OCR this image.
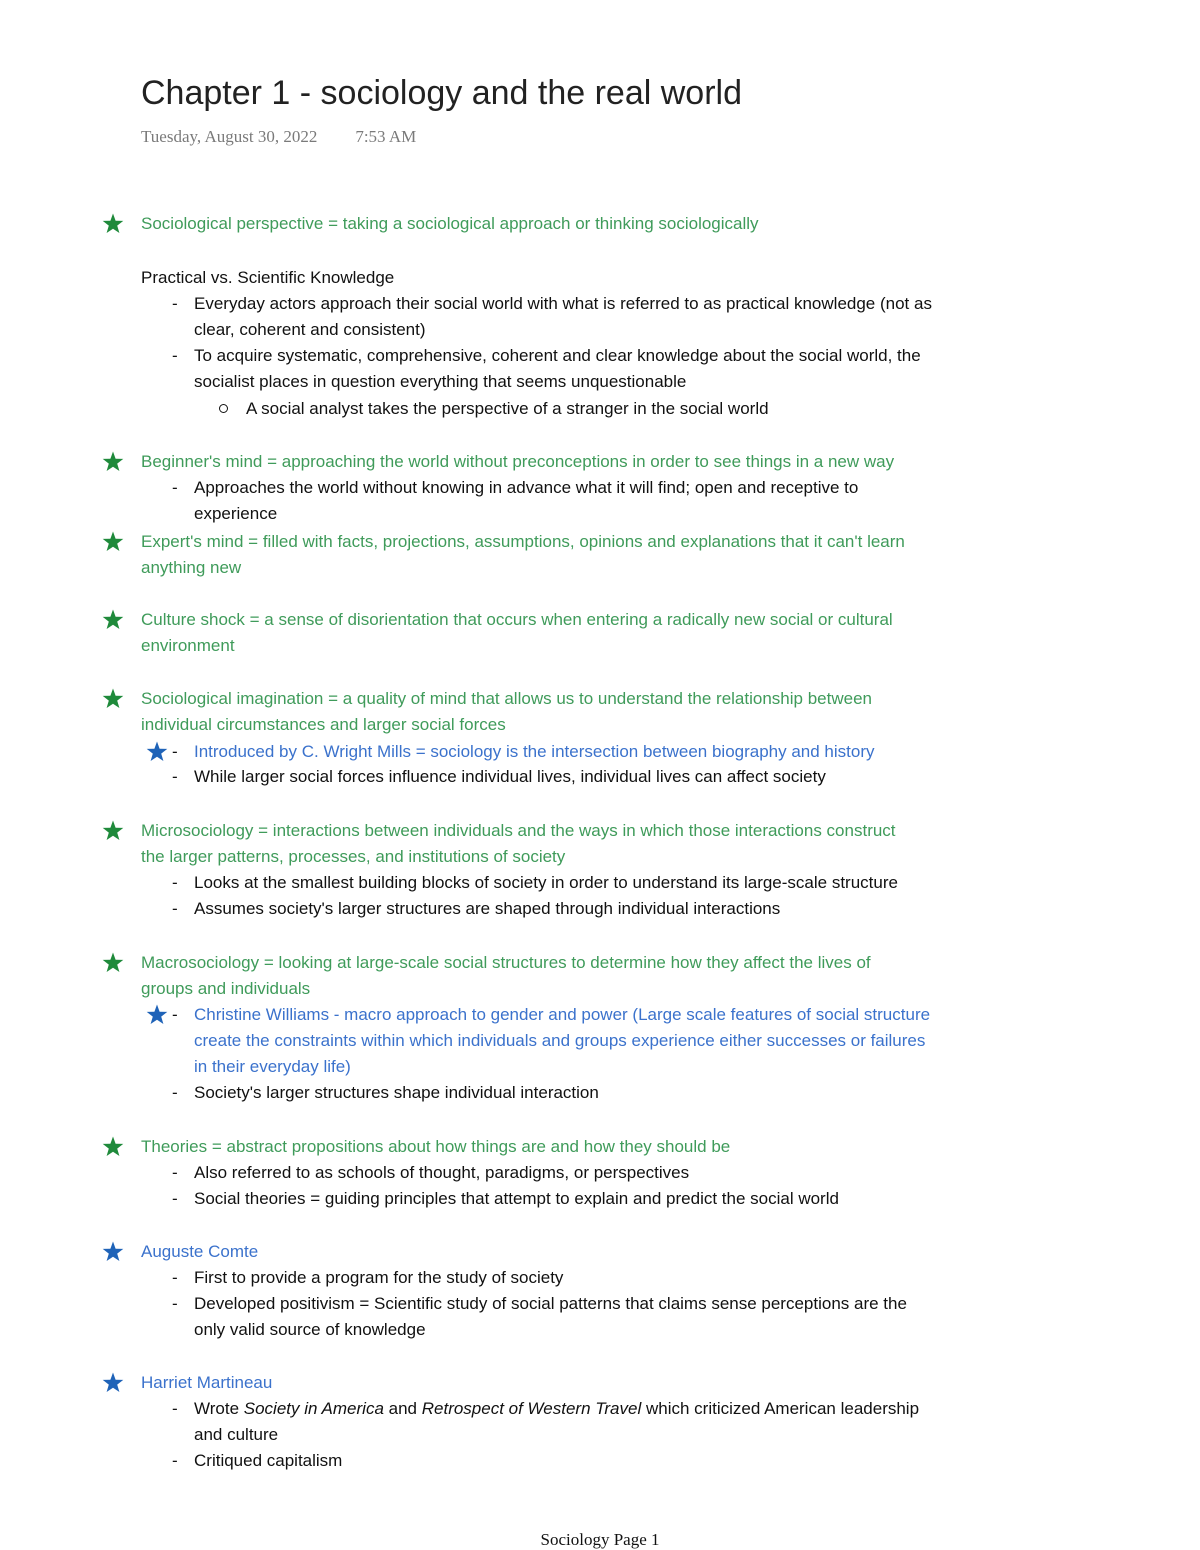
Chapter 1 - sociology and the real world
Tuesday, August 30, 2022 7:53 AM
Sociological perspective = taking a sociological approach or thinking sociologically
Practical vs. Scientific Knowledge
- Everyday actors approach their social world with what is referred to as practical knowledge (not as
clear, coherent and consistent)
- To acquire systematic, comprehensive, coherent and clear knowledge about the social world, the
socialist places in question everything that seems unquestionable
A social analyst takes the perspective of a stranger in the social world
Beginner's mind = approaching the world without preconceptions in order to see things in a new way
- Approaches the world without knowing in advance what it will find; open and receptive to
experience
Expert's mind = filled with facts, projections, assumptions, opinions and explanations that it can't learn
anything new
Culture shock = a sense of disorientation that occurs when entering a radically new social or cultural
environment
Sociological imagination = a quality of mind that allows us to understand the relationship between
individual circumstances and larger social forces
- Introduced by C. Wright Mills = sociology is the intersection between biography and history
- While larger social forces influence individual lives, individual lives can affect society
Microsociology = interactions between individuals and the ways in which those interactions construct
the larger patterns, processes, and institutions of society
- Looks at the smallest building blocks of society in order to understand its large-scale structure
- Assumes society's larger structures are shaped through individual interactions
Macrosociology = looking at large-scale social structures to determine how they affect the lives of
groups and individuals
- Christine Williams - macro approach to gender and power (Large scale features of social structure
create the constraints within which individuals and groups experience either successes or failures
in their everyday life)
- Society's larger structures shape individual interaction
Theories = abstract propositions about how things are and how they should be
- Also referred to as schools of thought, paradigms, or perspectives
- Social theories = guiding principles that attempt to explain and predict the social world
Auguste Comte
- First to provide a program for the study of society
- Developed positivism = Scientific study of social patterns that claims sense perceptions are the
only valid source of knowledge
Harriet Martineau
- Wrote Society in America and Retrospect of Western Travel which criticized American leadership
and culture
- Critiqued capitalism
Sociology Page 1
